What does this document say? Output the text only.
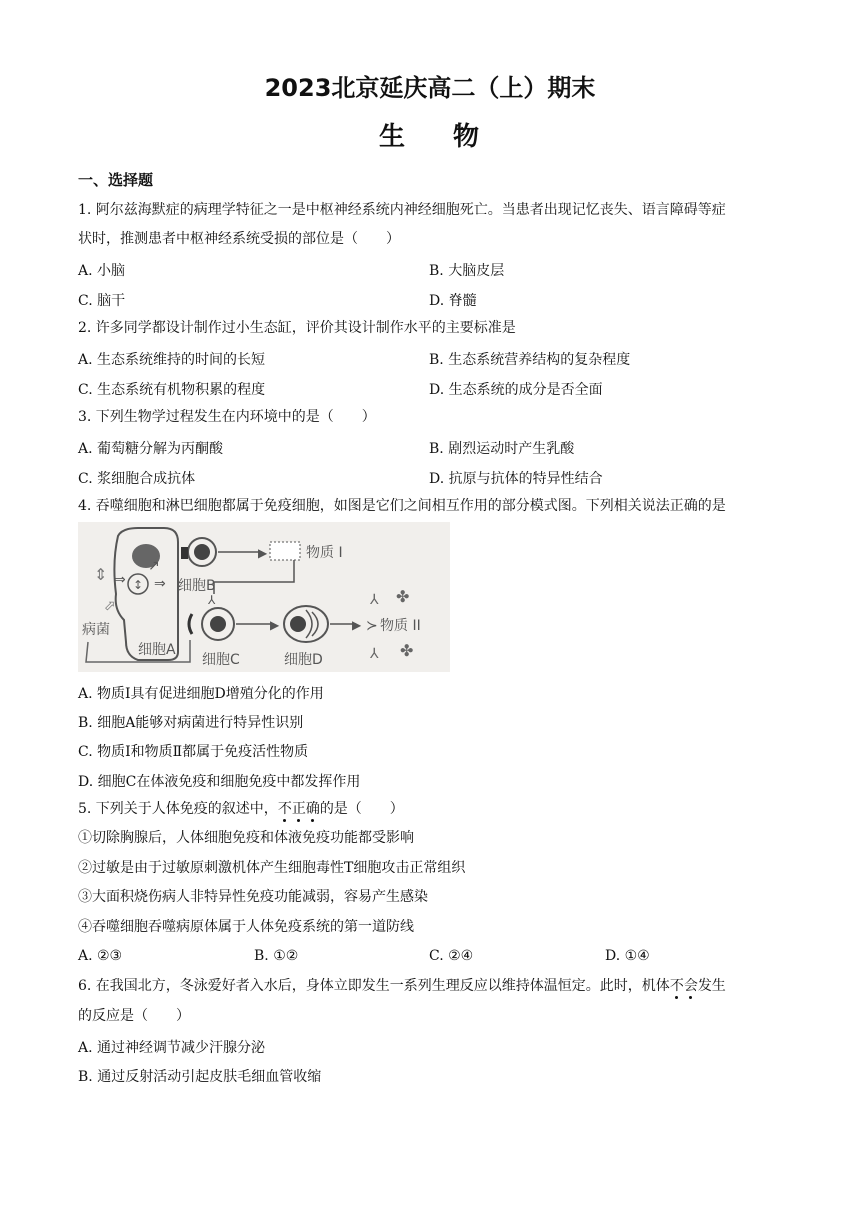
2023北京延庆高二（上）期末
生 物
一、选择题
1. 阿尔兹海默症的病理学特征之一是中枢神经系统内神经细胞死亡。当患者出现记忆丧失、语言障碍等症
状时，推测患者中枢神经系统受损的部位是（　　）
A. 小脑	B. 大脑皮层
C. 脑干	D. 脊髓
2. 许多同学都设计制作过小生态缸，评价其设计制作水平的主要标准是
A. 生态系统维持的时间的长短	B. 生态系统营养结构的复杂程度
C. 生态系统有机物积累的程度	D. 生态系统的成分是否全面
3. 下列生物学过程发生在内环境中的是（　　）
A. 葡萄糖分解为丙酮酸	B. 剧烈运动时产生乳酸
C. 浆细胞合成抗体	D. 抗原与抗体的特异性结合
4. 吞噬细胞和淋巴细胞都属于免疫细胞，如图是它们之间相互作用的部分模式图。下列相关说法正确的是
↕
⇕ ⇒ ⇒
↗
⬀
病菌
细胞A
细胞B
▶	物质 I
⅄
细胞C
▶
细胞D
▶ ≻ 物质 II
⅄ ✤
⅄ ✤
A. 物质Ⅰ具有促进细胞D增殖分化的作用
B. 细胞A能够对病菌进行特异性识别
C. 物质Ⅰ和物质Ⅱ都属于免疫活性物质
D. 细胞C在体液免疫和细胞免疫中都发挥作用
5. 下列关于人体免疫的叙述中，不正确的是（　　）
①切除胸腺后，人体细胞免疫和体液免疫功能都受影响
②过敏是由于过敏原刺激机体产生细胞毒性T细胞攻击正常组织
③大面积烧伤病人非特异性免疫功能减弱，容易产生感染
④吞噬细胞吞噬病原体属于人体免疫系统的第一道防线
A. ②③	B. ①②	C. ②④	D. ①④
6. 在我国北方，冬泳爱好者入水后，身体立即发生一系列生理反应以维持体温恒定。此时，机体不会发生
的反应是（　　）
A. 通过神经调节减少汗腺分泌
B. 通过反射活动引起皮肤毛细血管收缩
